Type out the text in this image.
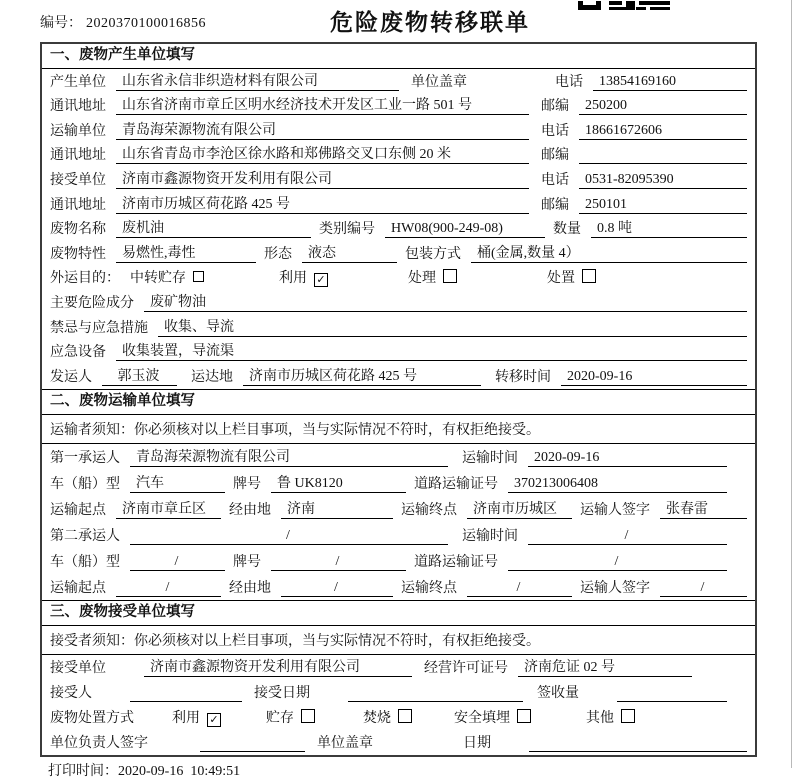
编号： 2020370100016856	危险废物转移联单
一、废物产生单位填写
产生单位	山东省永信非织造材料有限公司	单位盖章	电话	13854169160
通讯地址	山东省济南市章丘区明水经济技术开发区工业一路 501 号	邮编	250200
运输单位	青岛海荣源物流有限公司	电话	18661672606
通讯地址	山东省青岛市李沧区徐水路和郑佛路交叉口东侧 20 米	邮编
接受单位	济南市鑫源物资开发利用有限公司	电话	0531-82095390
通讯地址	济南市历城区荷花路 425 号	邮编	250101
废物名称	废机油	类别编号	HW08(900-249-08)	数量	0.8 吨
废物特性	易燃性,毒性	形态	液态	包装方式	桶(金属,数量 4）
外运目的： 中转贮存	利用 ✓	处理	处置
主要危险成分	废矿物油
禁忌与应急措施	收集、导流
应急设备	收集装置，导流渠
发运人	郭玉波	运达地	济南市历城区荷花路 425 号	转移时间	2020-09-16
二、废物运输单位填写
运输者须知：你必须核对以上栏目事项，当与实际情况不符时，有权拒绝接受。
第一承运人	青岛海荣源物流有限公司	运输时间	2020-09-16
车（船）型	汽车	牌号	鲁 UK8120	道路运输证号	370213006408
运输起点	济南市章丘区	经由地	济南	运输终点	济南市历城区	运输人签字	张春雷
第二承运人	/	运输时间	/
车（船）型	/	牌号	/	道路运输证号	/
运输起点	/	经由地	/	运输终点	/	运输人签字	/
三、废物接受单位填写
接受者须知：你必须核对以上栏目事项，当与实际情况不符时，有权拒绝接受。
接受单位	济南市鑫源物资开发利用有限公司	经营许可证号	济南危证 02 号
接受人	接受日期	签收量
废物处置方式	利用 ✓	贮存	焚烧	安全填埋	其他
单位负责人签字	单位盖章	日期
打印时间：2020-09-16  10:49:51
